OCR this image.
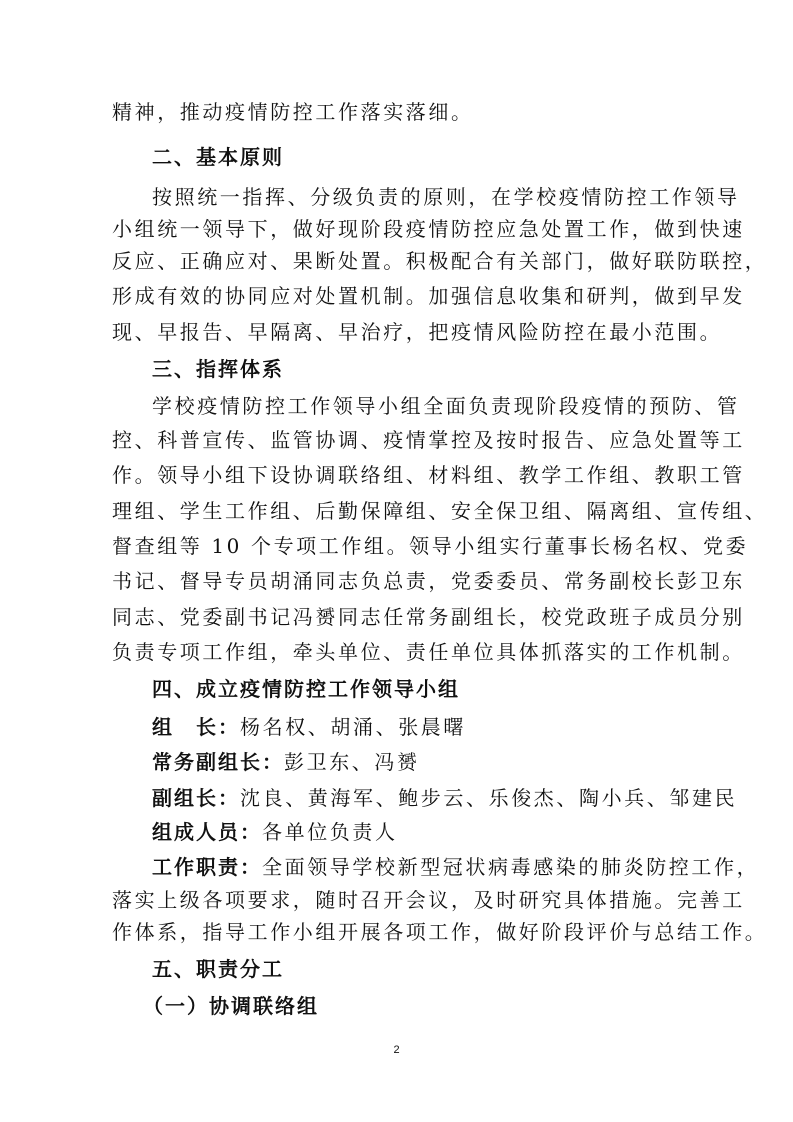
精神，推动疫情防控工作落实落细。
二、基本原则
按照统一指挥、分级负责的原则，在学校疫情防控工作领导
小组统一领导下，做好现阶段疫情防控应急处置工作，做到快速
反应、正确应对、果断处置。积极配合有关部门，做好联防联控，
形成有效的协同应对处置机制。加强信息收集和研判，做到早发
现、早报告、早隔离、早治疗，把疫情风险防控在最小范围。
三、指挥体系
学校疫情防控工作领导小组全面负责现阶段疫情的预防、管
控、科普宣传、监管协调、疫情掌控及按时报告、应急处置等工
作。领导小组下设协调联络组、材料组、教学工作组、教职工管
理组、学生工作组、后勤保障组、安全保卫组、隔离组、宣传组、
督查组等 10 个专项工作组。领导小组实行董事长杨名权、党委
书记、督导专员胡涌同志负总责，党委委员、常务副校长彭卫东
同志、党委副书记冯赟同志任常务副组长，校党政班子成员分别
负责专项工作组，牵头单位、责任单位具体抓落实的工作机制。
四、成立疫情防控工作领导小组
组　长：杨名权、胡涌、张晨曙
常务副组长：彭卫东、冯赟
副组长：沈良、黄海军、鲍步云、乐俊杰、陶小兵、邹建民
组成人员：各单位负责人
工作职责：全面领导学校新型冠状病毒感染的肺炎防控工作，
落实上级各项要求，随时召开会议，及时研究具体措施。完善工
作体系，指导工作小组开展各项工作，做好阶段评价与总结工作。
五、职责分工
（一）协调联络组
2
